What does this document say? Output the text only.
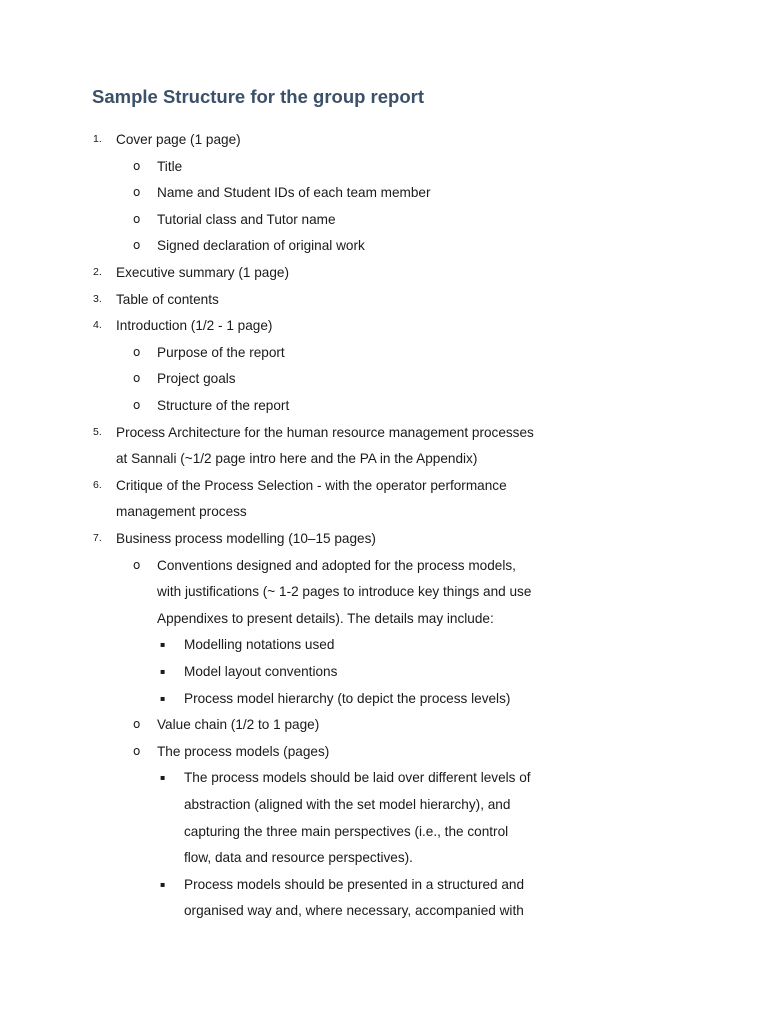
Sample Structure for the group report
1. Cover page (1 page)
o Title
o Name and Student IDs of each team member
o Tutorial class and Tutor name
o Signed declaration of original work
2. Executive summary (1 page)
3. Table of contents
4. Introduction (1/2 - 1 page)
o Purpose of the report
o Project goals
o Structure of the report
5. Process Architecture for the human resource management processes
at Sannali (~1/2 page intro here and the PA in the Appendix)
6. Critique of the Process Selection - with the operator performance
management process
7. Business process modelling (10–15 pages)
o Conventions designed and adopted for the process models,
with justifications (~ 1-2 pages to introduce key things and use
Appendixes to present details). The details may include:
▪ Modelling notations used
▪ Model layout conventions
▪ Process model hierarchy (to depict the process levels)
o Value chain (1/2 to 1 page)
o The process models (pages)
▪ The process models should be laid over different levels of
abstraction (aligned with the set model hierarchy), and
capturing the three main perspectives (i.e., the control
flow, data and resource perspectives).
▪ Process models should be presented in a structured and
organised way and, where necessary, accompanied with
